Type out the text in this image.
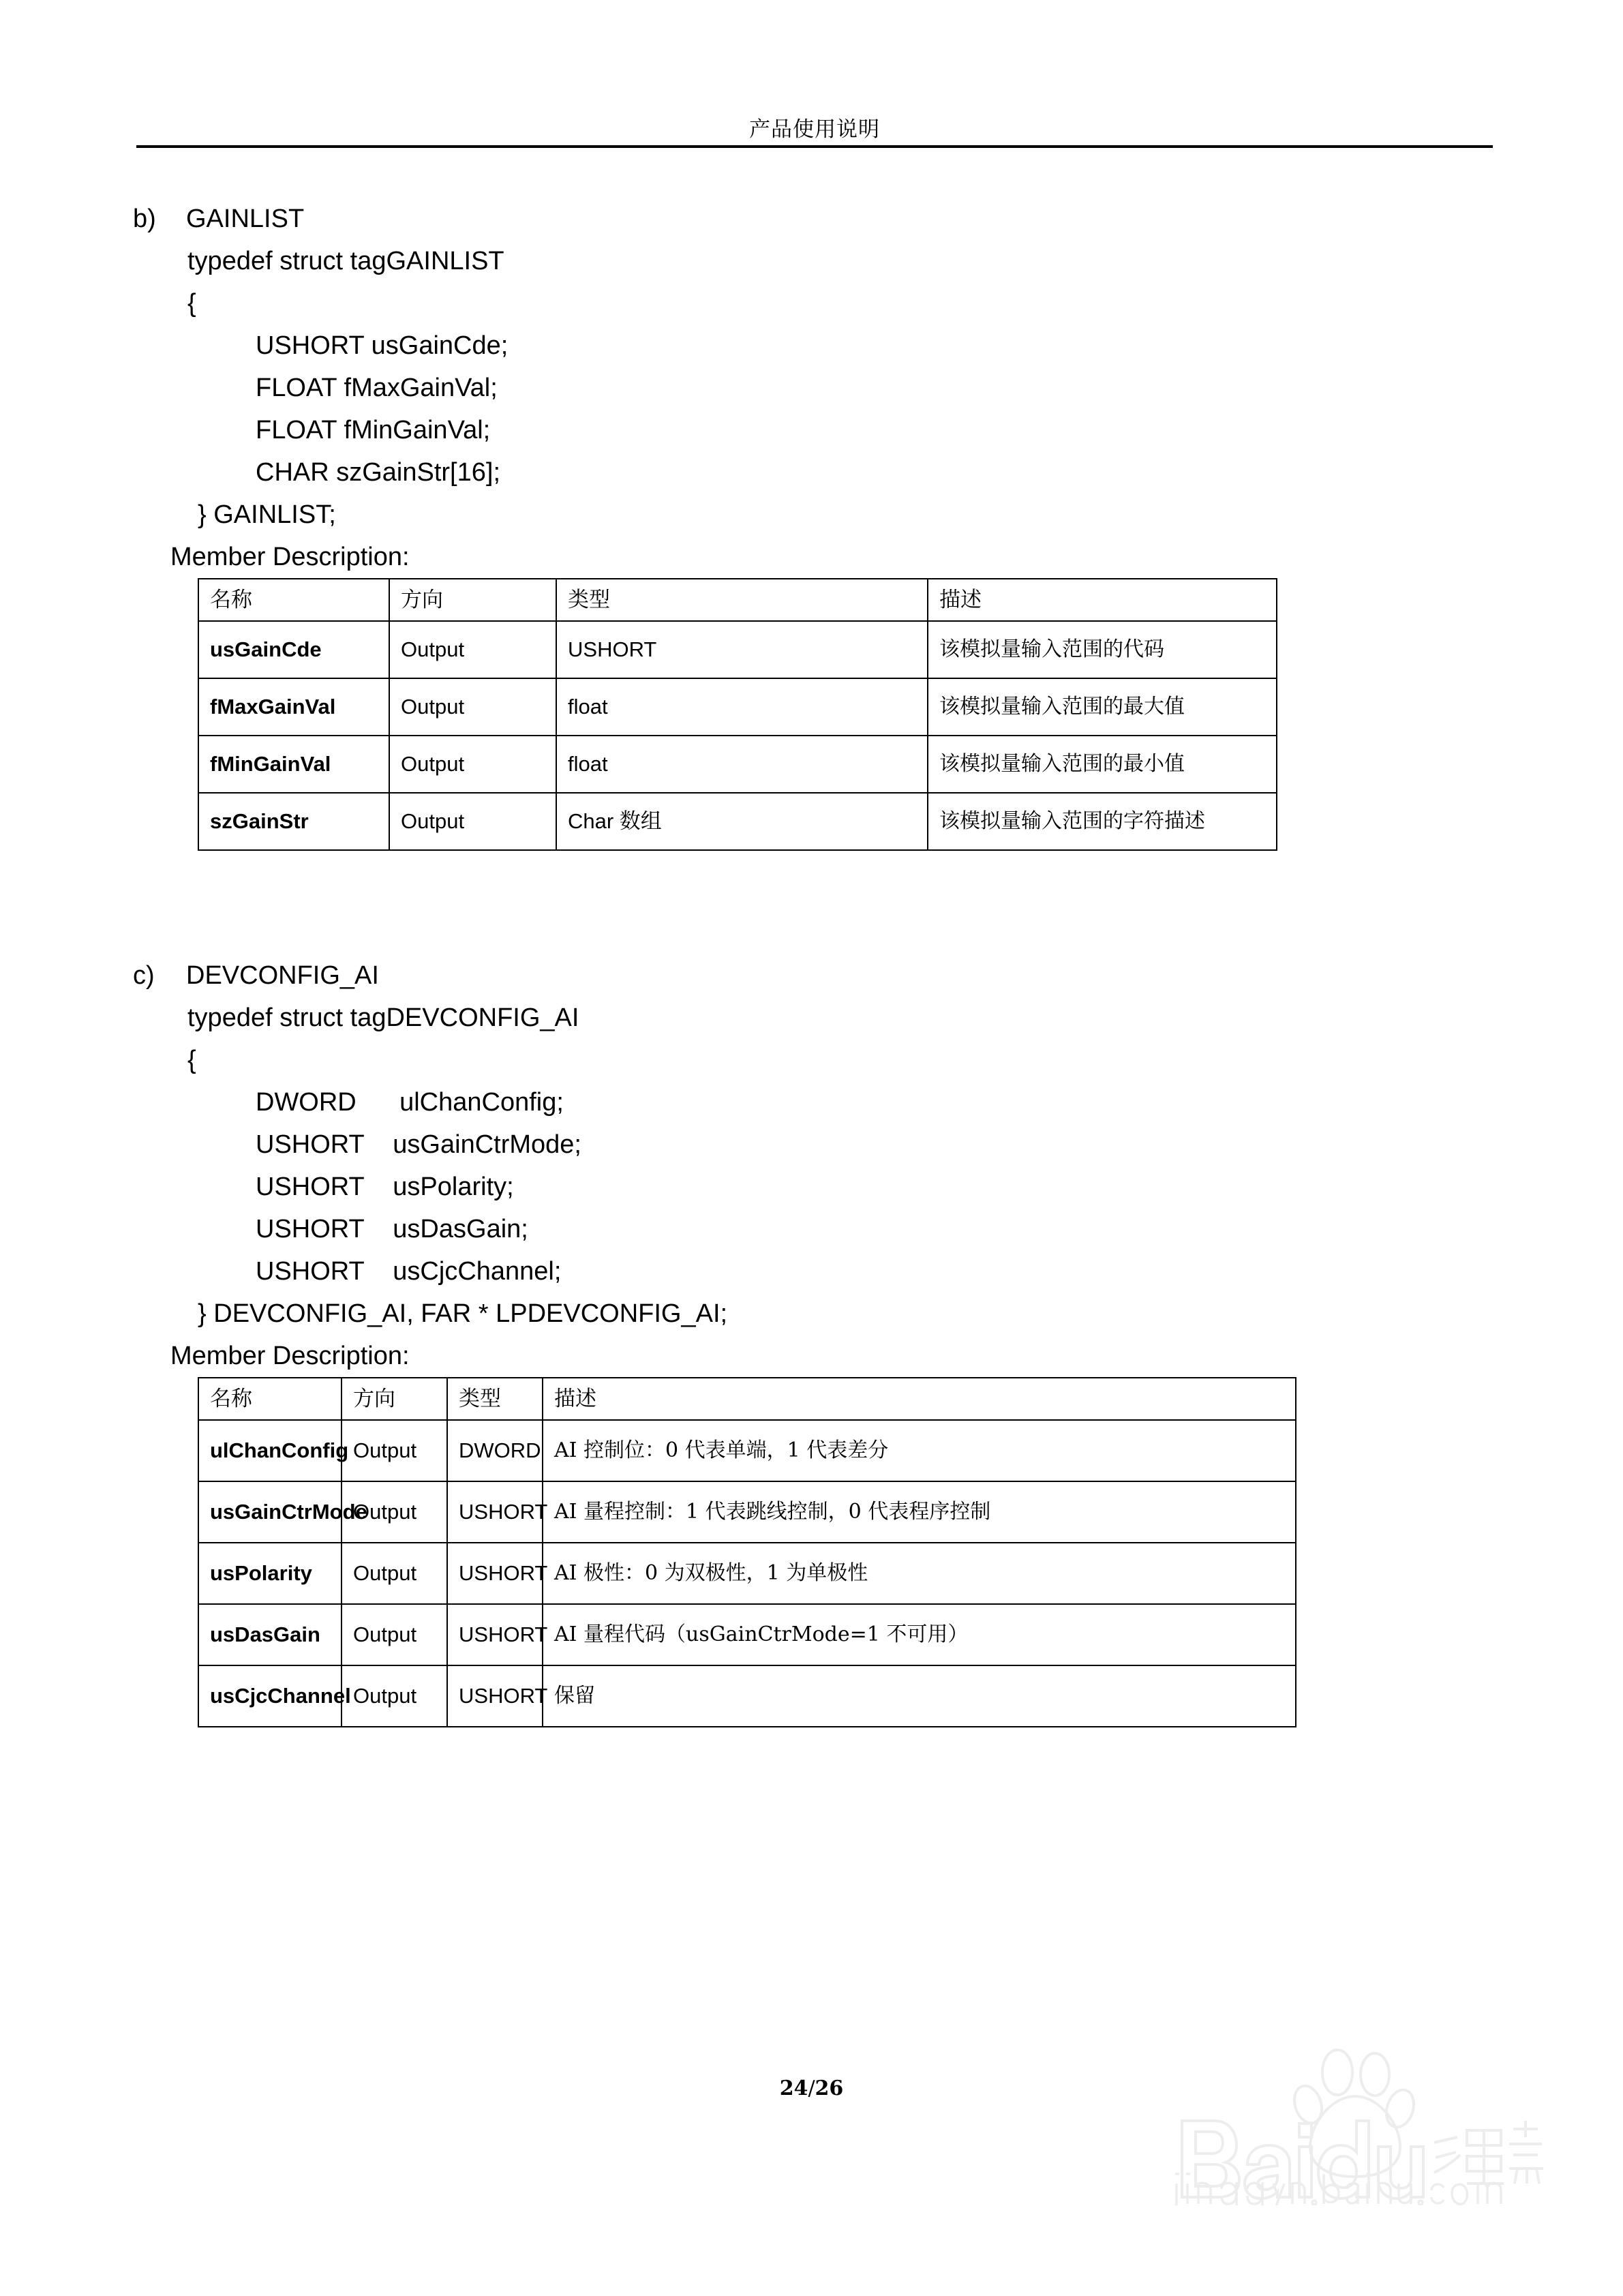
产品使用说明
b) GAINLIST
typedef struct tagGAINLIST
{
USHORT usGainCde;
FLOAT fMaxGainVal;
FLOAT fMinGainVal;
CHAR szGainStr[16];
} GAINLIST;
Member Description:
名称	方向	类型	描述
usGainCde	Output	USHORT	该模拟量输入范围的代码
fMaxGainVal	Output	float	该模拟量输入范围的最大值
fMinGainVal	Output	float	该模拟量输入范围的最小值
szGainStr	Output	Char 数组	该模拟量输入范围的字符描述
c) DEVCONFIG_AI
typedef struct tagDEVCONFIG_AI
{
DWORD      ulChanConfig;
USHORT    usGainCtrMode;
USHORT    usPolarity;
USHORT    usDasGain;
USHORT    usCjcChannel;
} DEVCONFIG_AI, FAR * LPDEVCONFIG_AI;
Member Description:
名称	方向	类型	描述
ulChanConfig	Output	DWORD	AI 控制位：0 代表单端，1 代表差分
usGainCtrMode	Output	USHORT	AI 量程控制：1 代表跳线控制，0 代表程序控制
usPolarity	Output	USHORT	AI 极性：0 为双极性，1 为单极性
usDasGain	Output	USHORT	AI 量程代码（usGainCtrMode=1 不可用）
usCjcChannel	Output	USHORT	保留
24/26
